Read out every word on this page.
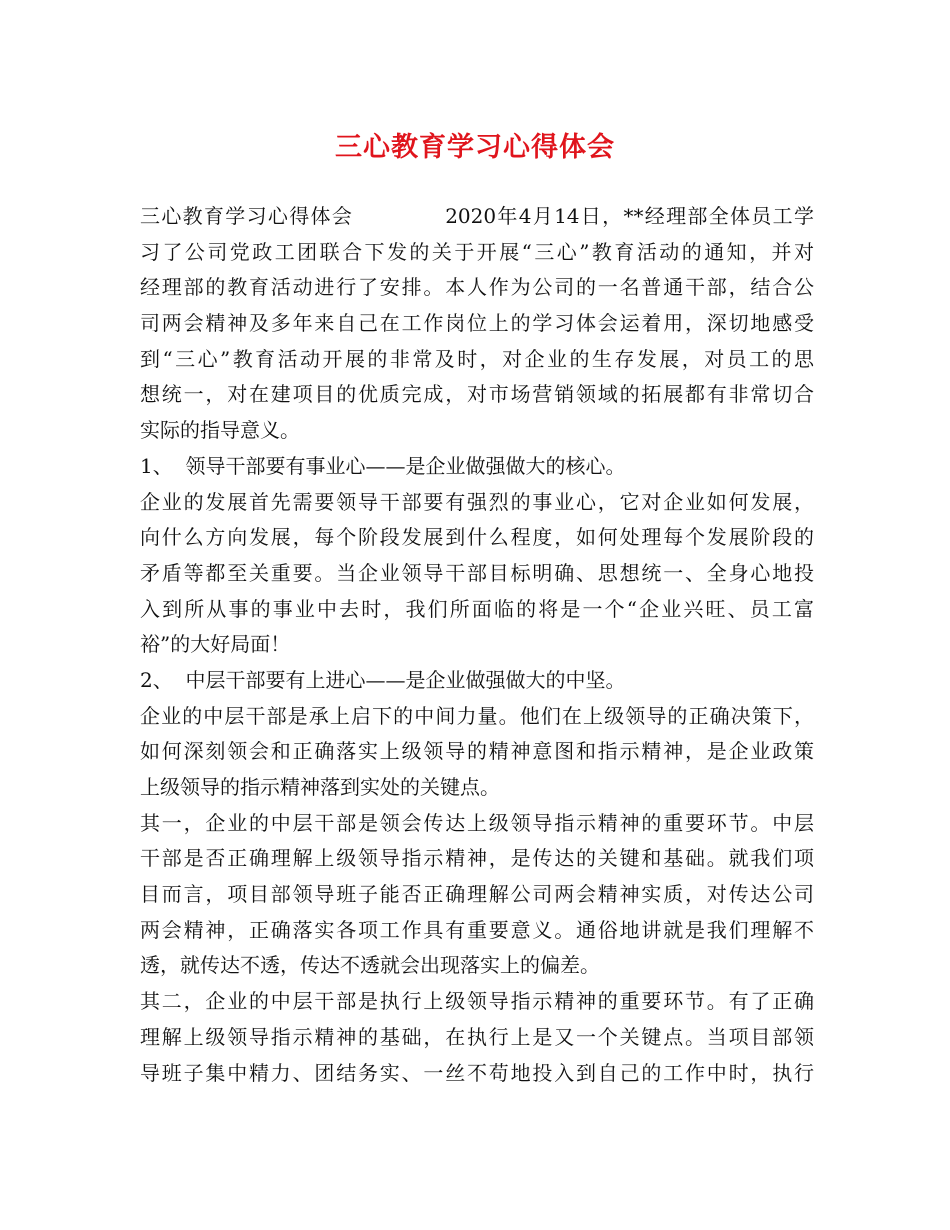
三心教育学习心得体会
三心教育学习心得体会            2020年4月14日，**经理部全体员工学
习了公司党政工团联合下发的关于开展“三心”教育活动的通知，并对
经理部的教育活动进行了安排。本人作为公司的一名普通干部，结合公
司两会精神及多年来自己在工作岗位上的学习体会运着用，深切地感受
到“三心”教育活动开展的非常及时，对企业的生存发展，对员工的思
想统一，对在建项目的优质完成，对市场营销领域的拓展都有非常切合
实际的指导意义。
1、  领导干部要有事业心——是企业做强做大的核心。
企业的发展首先需要领导干部要有强烈的事业心，它对企业如何发展，
向什么方向发展，每个阶段发展到什么程度，如何处理每个发展阶段的
矛盾等都至关重要。当企业领导干部目标明确、思想统一、全身心地投
入到所从事的事业中去时，我们所面临的将是一个“企业兴旺、员工富
裕”的大好局面！
2、  中层干部要有上进心——是企业做强做大的中坚。
企业的中层干部是承上启下的中间力量。他们在上级领导的正确决策下，
如何深刻领会和正确落实上级领导的精神意图和指示精神，是企业政策
上级领导的指示精神落到实处的关键点。
其一，企业的中层干部是领会传达上级领导指示精神的重要环节。中层
干部是否正确理解上级领导指示精神，是传达的关键和基础。就我们项
目而言，项目部领导班子能否正确理解公司两会精神实质，对传达公司
两会精神，正确落实各项工作具有重要意义。通俗地讲就是我们理解不
透，就传达不透，传达不透就会出现落实上的偏差。
其二，企业的中层干部是执行上级领导指示精神的重要环节。有了正确
理解上级领导指示精神的基础，在执行上是又一个关键点。当项目部领
导班子集中精力、团结务实、一丝不苟地投入到自己的工作中时，执行
